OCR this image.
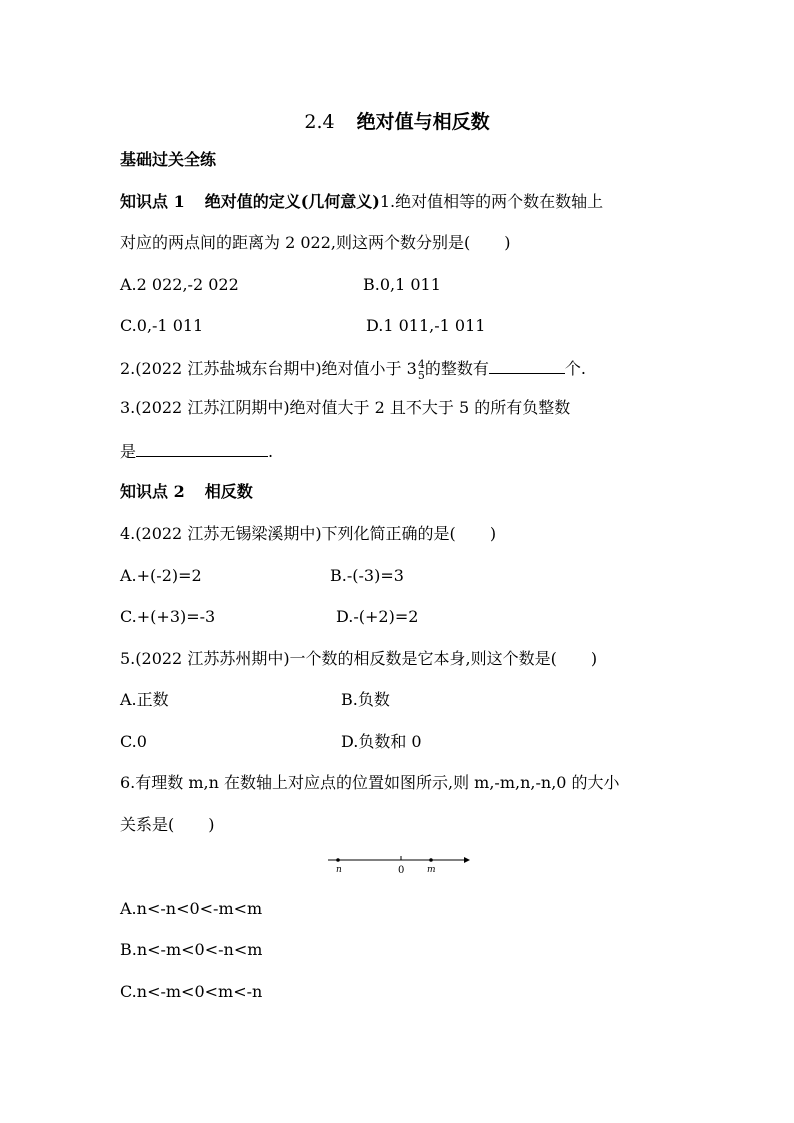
2.4 绝对值与相反数
基础过关全练
知识点 1 绝对值的定义(几何意义)1.绝对值相等的两个数在数轴上
对应的两点间的距离为 2 022,则这两个数分别是( )
A.2 022,-2 022	B.0,1 011
C.0,-1 011	D.1 011,-1 011
2.(2022 江苏盐城东台期中)绝对值小于 3 4
5 的整数有	个.
3.(2022 江苏江阴期中)绝对值大于 2 且不大于 5 的所有负整数
是	.
知识点 2 相反数
4.(2022 江苏无锡梁溪期中)下列化简正确的是( )
A.+(-2)=2	B.-(-3)=3
C.+(+3)=-3	D.-(+2)=2
5.(2022 江苏苏州期中)一个数的相反数是它本身,则这个数是( )
A.正数	B.负数
C.0	D.负数和 0
6.有理数 m,n 在数轴上对应点的位置如图所示,则 m,-m,n,-n,0 的大小
关系是( )
n	0	m
A.n<-n<0<-m<m
B.n<-m<0<-n<m
C.n<-m<0<m<-n
